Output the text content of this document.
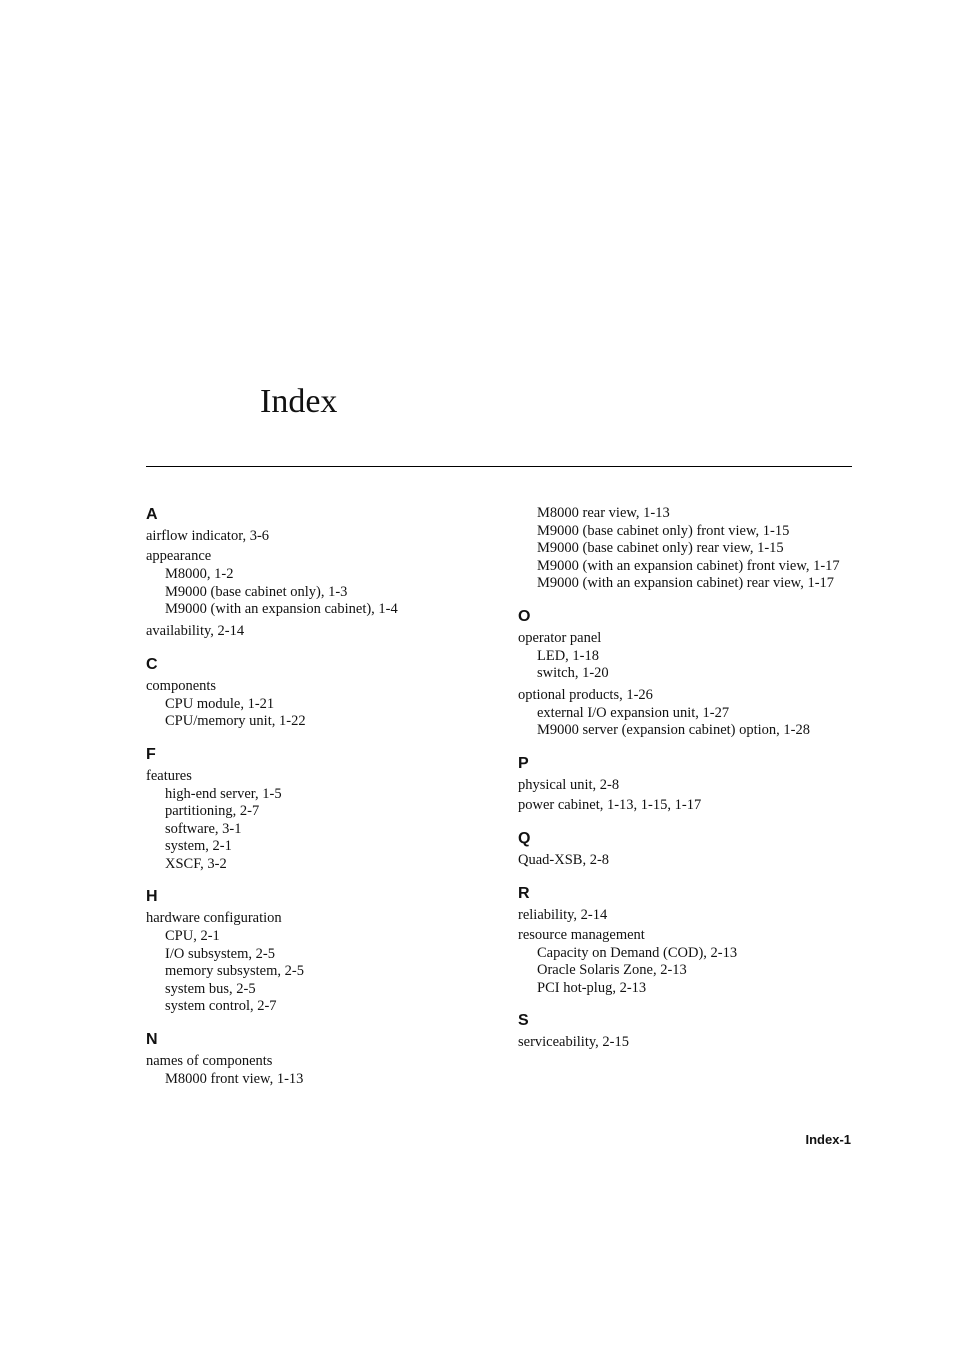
Index
A
airflow indicator, 3-6
appearance
M8000, 1-2
M9000 (base cabinet only), 1-3
M9000 (with an expansion cabinet), 1-4
availability, 2-14
C
components
CPU module, 1-21
CPU/memory unit, 1-22
F
features
high-end server, 1-5
partitioning, 2-7
software, 3-1
system, 2-1
XSCF, 3-2
H
hardware configuration
CPU, 2-1
I/O subsystem, 2-5
memory subsystem, 2-5
system bus, 2-5
system control, 2-7
N
names of components
M8000 front view, 1-13
M8000 rear view, 1-13
M9000 (base cabinet only) front view, 1-15
M9000 (base cabinet only) rear view, 1-15
M9000 (with an expansion cabinet) front view, 1-17
M9000 (with an expansion cabinet) rear view, 1-17
O
operator panel
LED, 1-18
switch, 1-20
optional products, 1-26
external I/O expansion unit, 1-27
M9000 server (expansion cabinet) option, 1-28
P
physical unit, 2-8
power cabinet, 1-13, 1-15, 1-17
Q
Quad-XSB, 2-8
R
reliability, 2-14
resource management
Capacity on Demand (COD), 2-13
Oracle Solaris Zone, 2-13
PCI hot-plug, 2-13
S
serviceability, 2-15
Index-1
